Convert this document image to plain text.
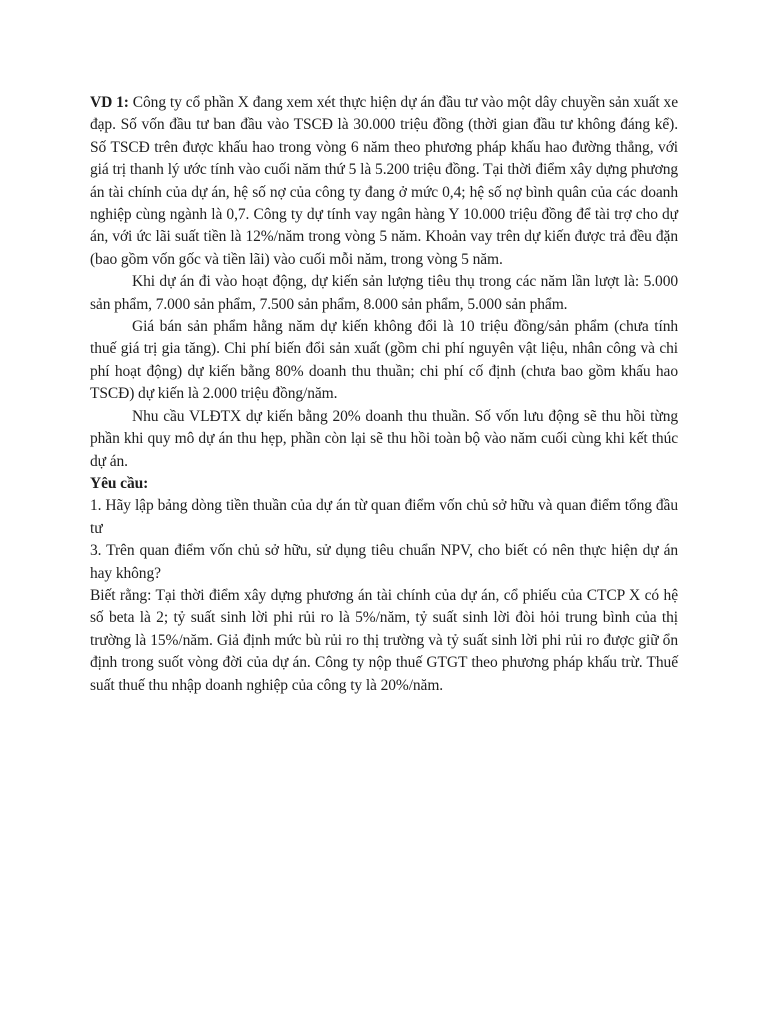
VD 1: Công ty cổ phần X đang xem xét thực hiện dự án đầu tư vào một dây chuyền sản xuất xe đạp. Số vốn đầu tư ban đầu vào TSCĐ là 30.000 triệu đồng (thời gian đầu tư không đáng kể). Số TSCĐ trên được khấu hao trong vòng 6 năm theo phương pháp khấu hao đường thẳng, với giá trị thanh lý ước tính vào cuối năm thứ 5 là 5.200 triệu đồng. Tại thời điểm xây dựng phương án tài chính của dự án, hệ số nợ của công ty đang ở mức 0,4; hệ số nợ bình quân của các doanh nghiệp cùng ngành là 0,7. Công ty dự tính vay ngân hàng Y 10.000 triệu đồng để tài trợ cho dự án, với ức lãi suất tiền là 12%/năm trong vòng 5 năm. Khoản vay trên dự kiến được trả đều đặn (bao gồm vốn gốc và tiền lãi) vào cuối mỗi năm, trong vòng 5 năm.

Khi dự án đi vào hoạt động, dự kiến sản lượng tiêu thụ trong các năm lần lượt là: 5.000 sản phẩm, 7.000 sản phẩm, 7.500 sản phẩm, 8.000 sản phẩm, 5.000 sản phẩm.

Giá bán sản phẩm hằng năm dự kiến không đổi là 10 triệu đồng/sản phẩm (chưa tính thuế giá trị gia tăng). Chi phí biến đổi sản xuất (gồm chi phí nguyên vật liệu, nhân công và chi phí hoạt động) dự kiến bằng 80% doanh thu thuần; chi phí cố định (chưa bao gồm khấu hao TSCĐ) dự kiến là 2.000 triệu đồng/năm.

Nhu cầu VLĐTX dự kiến bằng 20% doanh thu thuần. Số vốn lưu động sẽ thu hồi từng phần khi quy mô dự án thu hẹp, phần còn lại sẽ thu hồi toàn bộ vào năm cuối cùng khi kết thúc dự án.

Yêu cầu:

1. Hãy lập bảng dòng tiền thuần của dự án từ quan điểm vốn chủ sở hữu và quan điểm tổng đầu tư

3. Trên quan điểm vốn chủ sở hữu, sử dụng tiêu chuẩn NPV, cho biết có nên thực hiện dự án hay không?

Biết rằng: Tại thời điểm xây dựng phương án tài chính của dự án, cổ phiếu của CTCP X có hệ số beta là 2; tỷ suất sinh lời phi rủi ro là 5%/năm, tỷ suất sinh lời đòi hỏi trung bình của thị trường là 15%/năm. Giả định mức bù rủi ro thị trường và tỷ suất sinh lời phi rủi ro được giữ ổn định trong suốt vòng đời của dự án. Công ty nộp thuế GTGT theo phương pháp khấu trừ. Thuế suất thuế thu nhập doanh nghiệp của công ty là 20%/năm.
